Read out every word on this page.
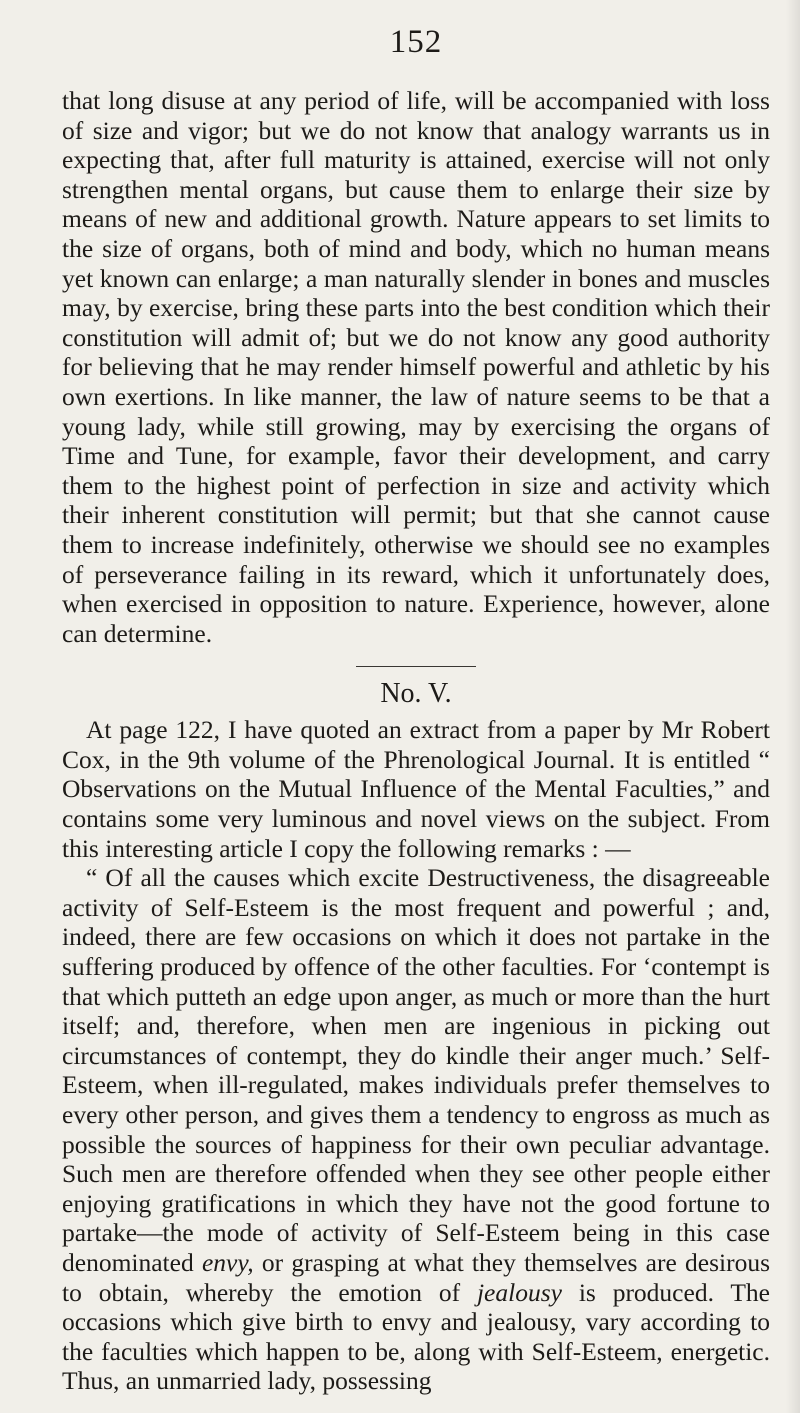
152

that long disuse at any period of life, will be accompanied with loss of size and vigor; but we do not know that analogy warrants us in expecting that, after full maturity is attained, exercise will not only strengthen mental organs, but cause them to enlarge their size by means of new and additional growth. Nature appears to set limits to the size of organs, both of mind and body, which no human means yet known can enlarge; a man naturally slender in bones and muscles may, by exercise, bring these parts into the best condition which their constitution will admit of; but we do not know any good authority for believing that he may render himself powerful and athletic by his own exertions. In like manner, the law of nature seems to be that a young lady, while still growing, may by exercising the organs of Time and Tune, for example, favor their development, and carry them to the highest point of perfection in size and activity which their inherent constitution will permit; but that she cannot cause them to increase indefinitely, otherwise we should see no examples of perseverance failing in its reward, which it unfortunately does, when exercised in opposition to nature. Experience, however, alone can determine.

No. V.

At page 122, I have quoted an extract from a paper by Mr Robert Cox, in the 9th volume of the Phrenological Journal. It is entitled “ Observations on the Mutual Influence of the Mental Faculties,” and contains some very luminous and novel views on the subject. From this interesting article I copy the following remarks : —

“ Of all the causes which excite Destructiveness, the disagreeable activity of Self-Esteem is the most frequent and powerful ; and, indeed, there are few occasions on which it does not partake in the suffering produced by offence of the other faculties. For ‘contempt is that which putteth an edge upon anger, as much or more than the hurt itself; and, therefore, when men are ingenious in picking out circumstances of contempt, they do kindle their anger much.’ Self-Esteem, when ill-regulated, makes individuals prefer themselves to every other person, and gives them a tendency to engross as much as possible the sources of happiness for their own peculiar advantage. Such men are therefore offended when they see other people either enjoying gratifications in which they have not the good fortune to partake—the mode of activity of Self-Esteem being in this case denominated envy, or grasping at what they themselves are desirous to obtain, whereby the emotion of jealousy is produced. The occasions which give birth to envy and jealousy, vary according to the faculties which happen to be, along with Self-Esteem, energetic. Thus, an unmarried lady, possessing
